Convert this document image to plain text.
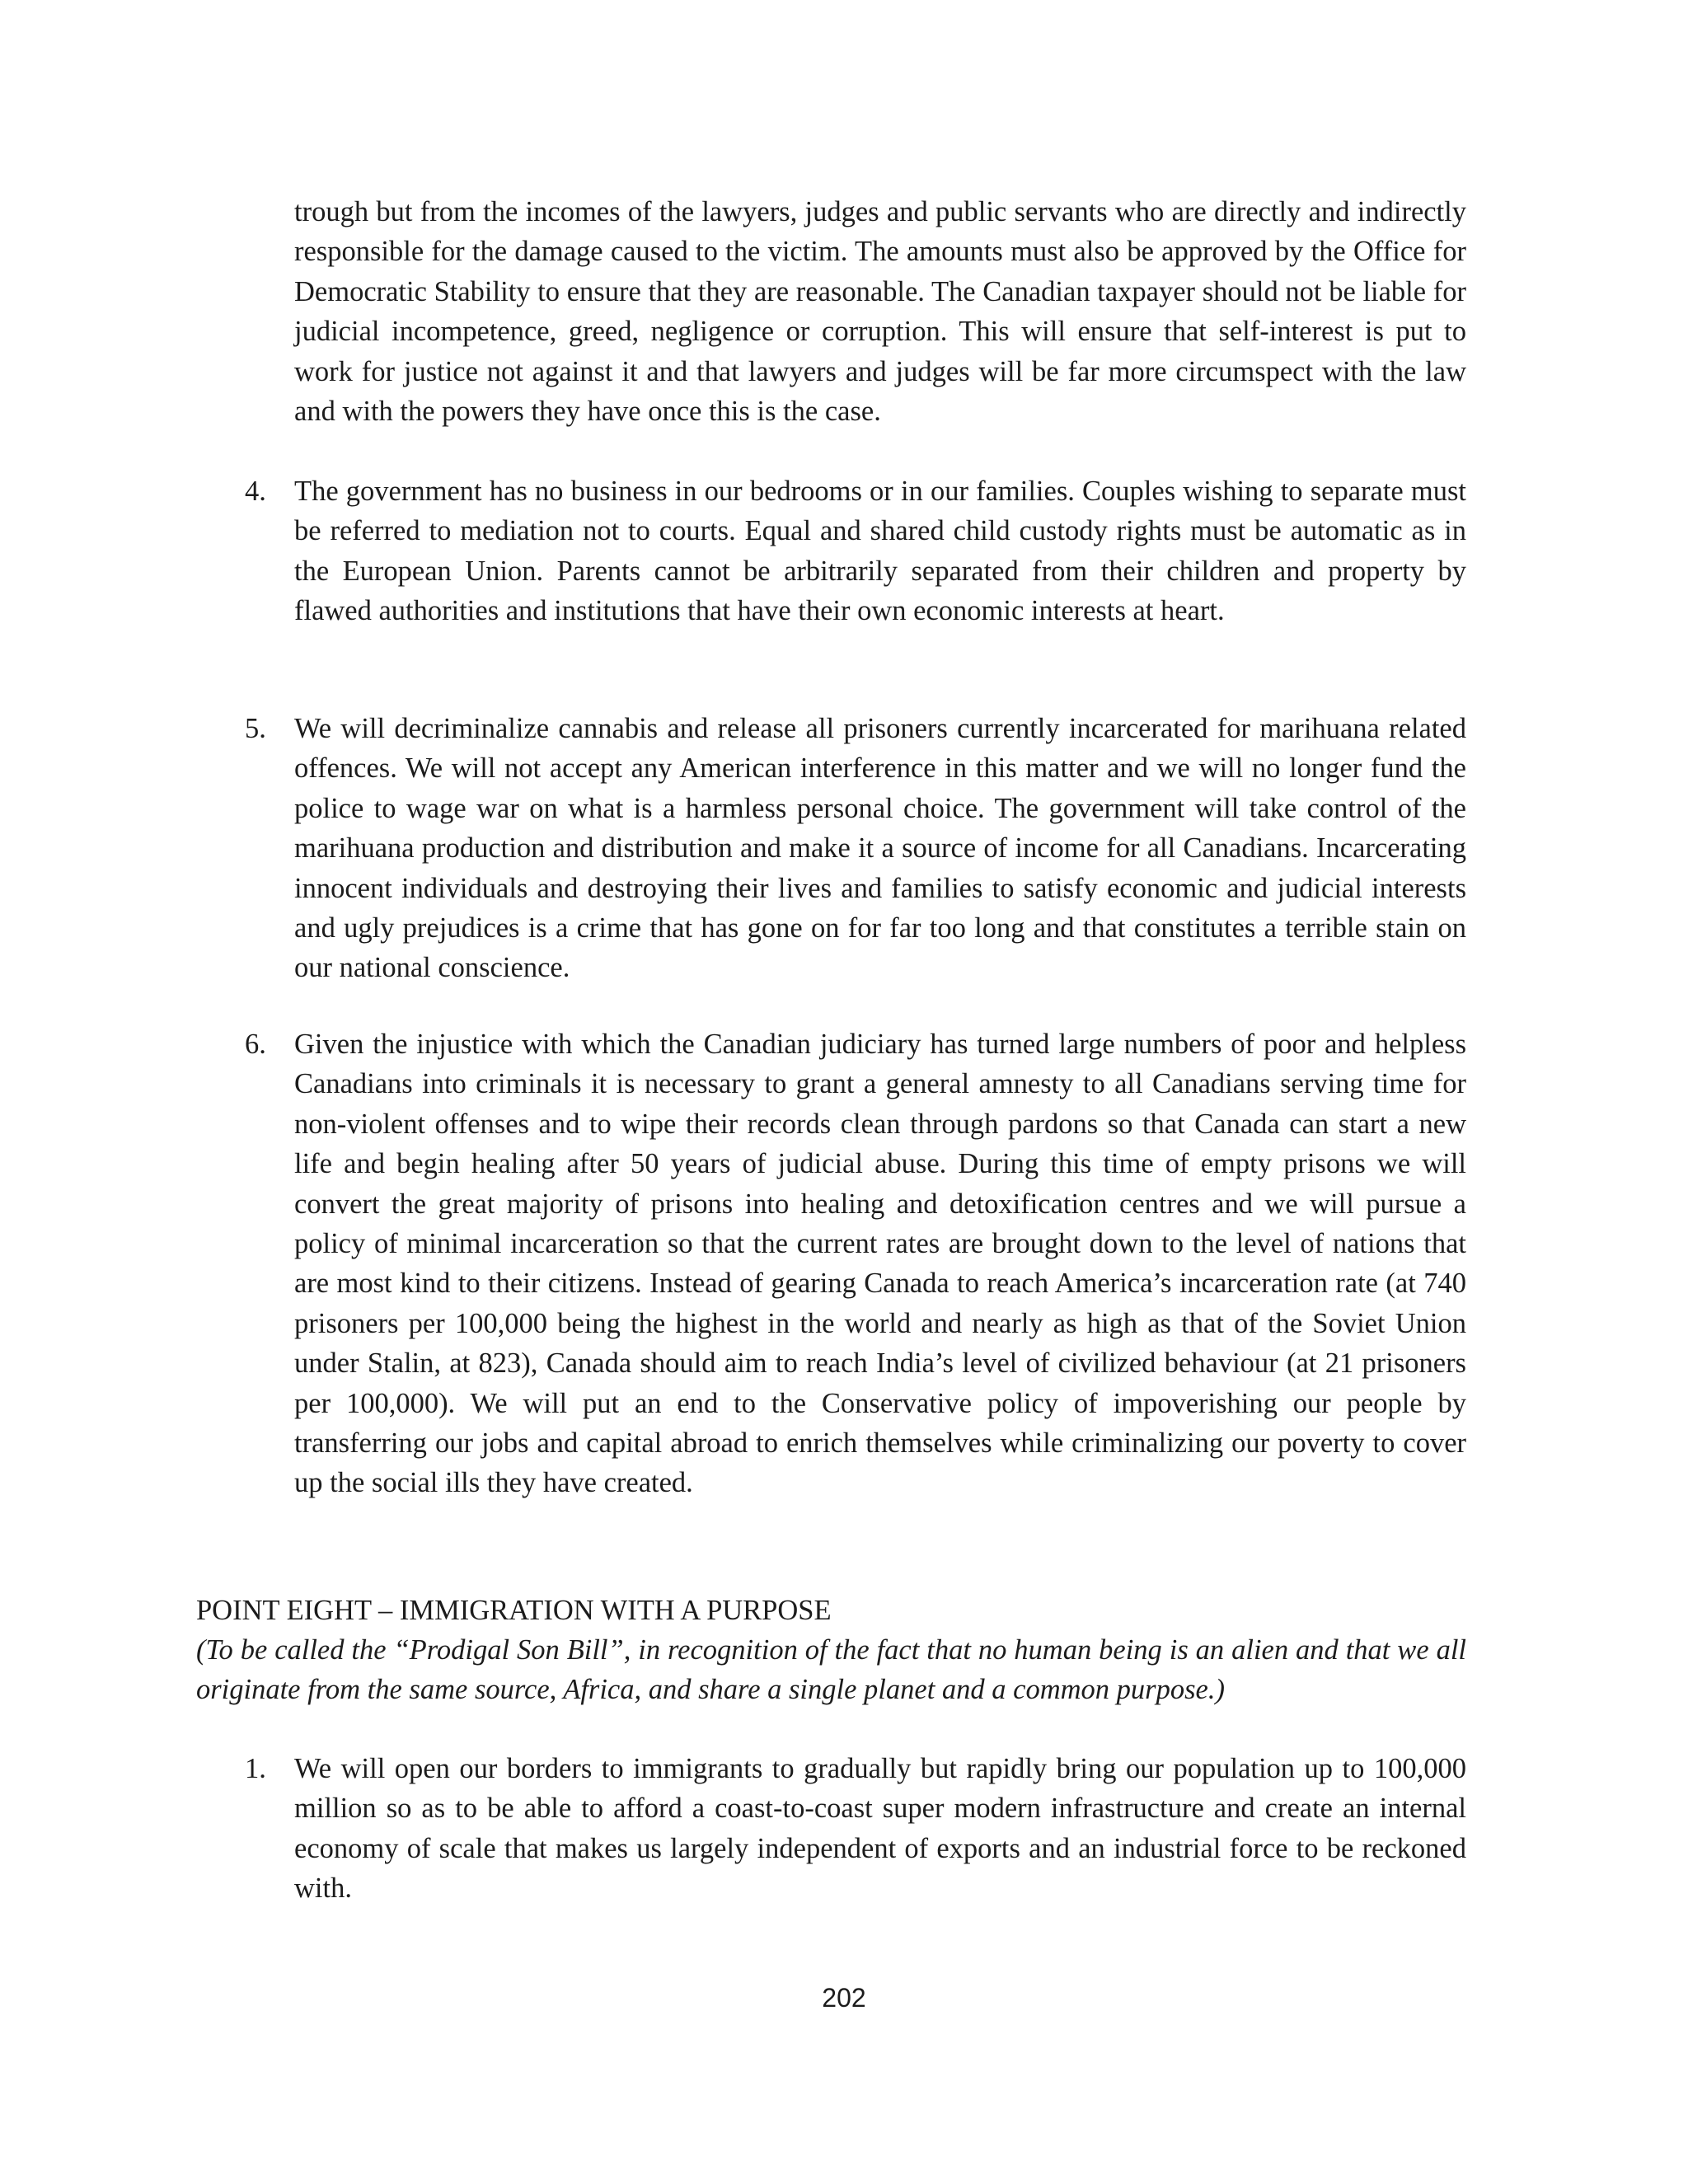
trough but from the incomes of the lawyers, judges and public servants who are directly and indirectly responsible for the damage caused to the victim. The amounts must also be approved by the Office for Democratic Stability to ensure that they are reasonable. The Canadian taxpayer should not be liable for judicial incompetence, greed, negligence or corruption. This will ensure that self-interest is put to work for justice not against it and that lawyers and judges will be far more circumspect with the law and with the powers they have once this is the case.

4. The government has no business in our bedrooms or in our families. Couples wishing to separate must be referred to mediation not to courts. Equal and shared child custody rights must be automatic as in the European Union. Parents cannot be arbitrarily separated from their children and property by flawed authorities and institutions that have their own economic interests at heart.
5. We will decriminalize cannabis and release all prisoners currently incarcerated for marihuana related offences. We will not accept any American interference in this matter and we will no longer fund the police to wage war on what is a harmless personal choice. The government will take control of the marihuana production and distribution and make it a source of income for all Canadians. Incarcerating innocent individuals and destroying their lives and families to satisfy economic and judicial interests and ugly prejudices is a crime that has gone on for far too long and that constitutes a terrible stain on our national conscience.
6. Given the injustice with which the Canadian judiciary has turned large numbers of poor and helpless Canadians into criminals it is necessary to grant a general amnesty to all Canadians serving time for non-violent offenses and to wipe their records clean through pardons so that Canada can start a new life and begin healing after 50 years of judicial abuse. During this time of empty prisons we will convert the great majority of prisons into healing and detoxification centres and we will pursue a policy of minimal incarceration so that the current rates are brought down to the level of nations that are most kind to their citizens. Instead of gearing Canada to reach America’s incarceration rate (at 740 prisoners per 100,000 being the highest in the world and nearly as high as that of the Soviet Union under Stalin, at 823), Canada should aim to reach India’s level of civilized behaviour (at 21 prisoners per 100,000). We will put an end to the Conservative policy of impoverishing our people by transferring our jobs and capital abroad to enrich themselves while criminalizing our poverty to cover up the social ills they have created.
POINT EIGHT – IMMIGRATION WITH A PURPOSE
(To be called the “Prodigal Son Bill”, in recognition of the fact that no human being is an alien and that we all originate from the same source, Africa, and share a single planet and a common purpose.)
1. We will open our borders to immigrants to gradually but rapidly bring our population up to 100,000 million so as to be able to afford a coast-to-coast super modern infrastructure and create an internal economy of scale that makes us largely independent of exports and an industrial force to be reckoned with.
202
